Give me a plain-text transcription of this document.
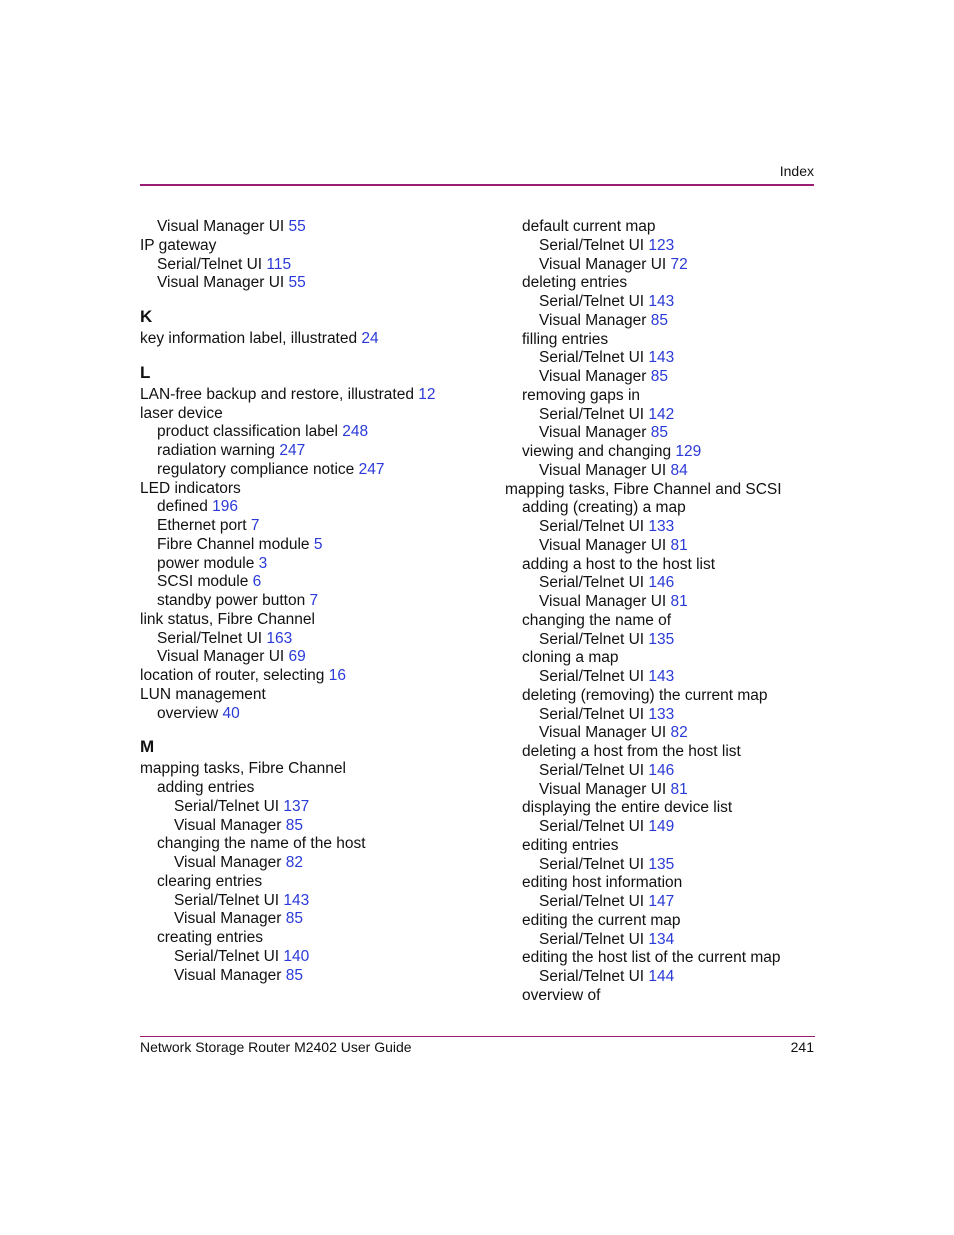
Index
Visual Manager UI 55
IP gateway
Serial/Telnet UI 115
Visual Manager UI 55
K
key information label, illustrated 24
L
LAN-free backup and restore, illustrated 12
laser device
product classification label 248
radiation warning 247
regulatory compliance notice 247
LED indicators
defined 196
Ethernet port 7
Fibre Channel module 5
power module 3
SCSI module 6
standby power button 7
link status, Fibre Channel
Serial/Telnet UI 163
Visual Manager UI 69
location of router, selecting 16
LUN management
overview 40
M
mapping tasks, Fibre Channel
adding entries
Serial/Telnet UI 137
Visual Manager 85
changing the name of the host
Visual Manager 82
clearing entries
Serial/Telnet UI 143
Visual Manager 85
creating entries
Serial/Telnet UI 140
Visual Manager 85
default current map
Serial/Telnet UI 123
Visual Manager UI 72
deleting entries
Serial/Telnet UI 143
Visual Manager 85
filling entries
Serial/Telnet UI 143
Visual Manager 85
removing gaps in
Serial/Telnet UI 142
Visual Manager 85
viewing and changing 129
Visual Manager UI 84
mapping tasks, Fibre Channel and SCSI
adding (creating) a map
Serial/Telnet UI 133
Visual Manager UI 81
adding a host to the host list
Serial/Telnet UI 146
Visual Manager UI 81
changing the name of
Serial/Telnet UI 135
cloning a map
Serial/Telnet UI 143
deleting (removing) the current map
Serial/Telnet UI 133
Visual Manager UI 82
deleting a host from the host list
Serial/Telnet UI 146
Visual Manager UI 81
displaying the entire device list
Serial/Telnet UI 149
editing entries
Serial/Telnet UI 135
editing host information
Serial/Telnet UI 147
editing the current map
Serial/Telnet UI 134
editing the host list of the current map
Serial/Telnet UI 144
overview of
Network Storage Router M2402 User Guide	241
